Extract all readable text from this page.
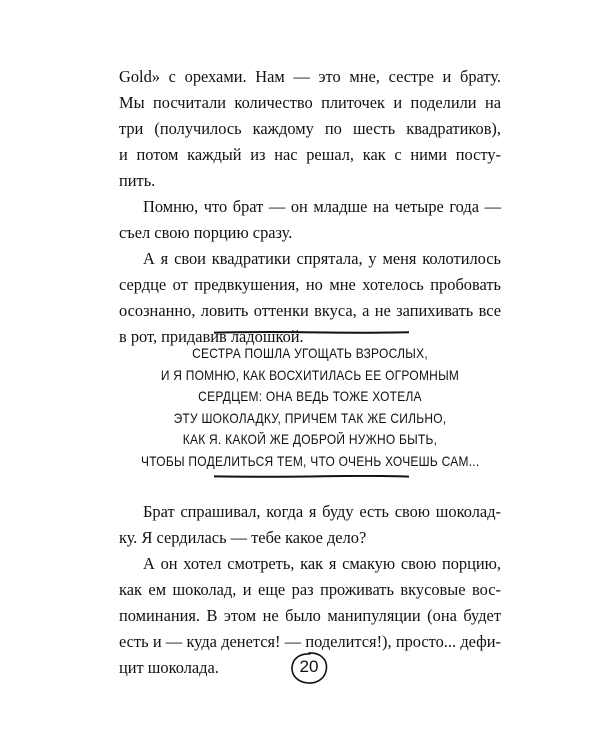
Gold» с орехами. Нам — это мне, сестре и брату.

Мы посчитали количество плиточек и поделили на

три (получилось каждому по шесть квадратиков),

и потом каждый из нас решал, как с ними посту-

пить.

Помню, что брат — он младше на четыре года —

съел свою порцию сразу.

А я свои квадратики спрятала, у меня колотилось

сердце от предвкушения, но мне хотелось пробовать

осознанно, ловить оттенки вкуса, а не запихивать все

в рот, придавив ладошкой.

СЕСТРА ПОШЛА УГОЩАТЬ ВЗРОСЛЫХ,
И Я ПОМНЮ, КАК ВОСХИТИЛАСЬ ЕЕ ОГРОМНЫМ
СЕРДЦЕМ: ОНА ВЕДЬ ТОЖЕ ХОТЕЛА
ЭТУ ШОКОЛАДКУ, ПРИЧЕМ ТАК ЖЕ СИЛЬНО,
КАК Я. КАКОЙ ЖЕ ДОБРОЙ НУЖНО БЫТЬ,
ЧТОБЫ ПОДЕЛИТЬСЯ ТЕМ, ЧТО ОЧЕНЬ ХОЧЕШЬ САМ...

Брат спрашивал, когда я буду есть свою шоколад-

ку. Я сердилась — тебе какое дело?

А он хотел смотреть, как я смакую свою порцию,

как ем шоколад, и еще раз проживать вкусовые вос-

поминания. В этом не было манипуляции (она будет

есть и — куда денется! — поделится!), просто... дефи-

цит шоколада.	20
